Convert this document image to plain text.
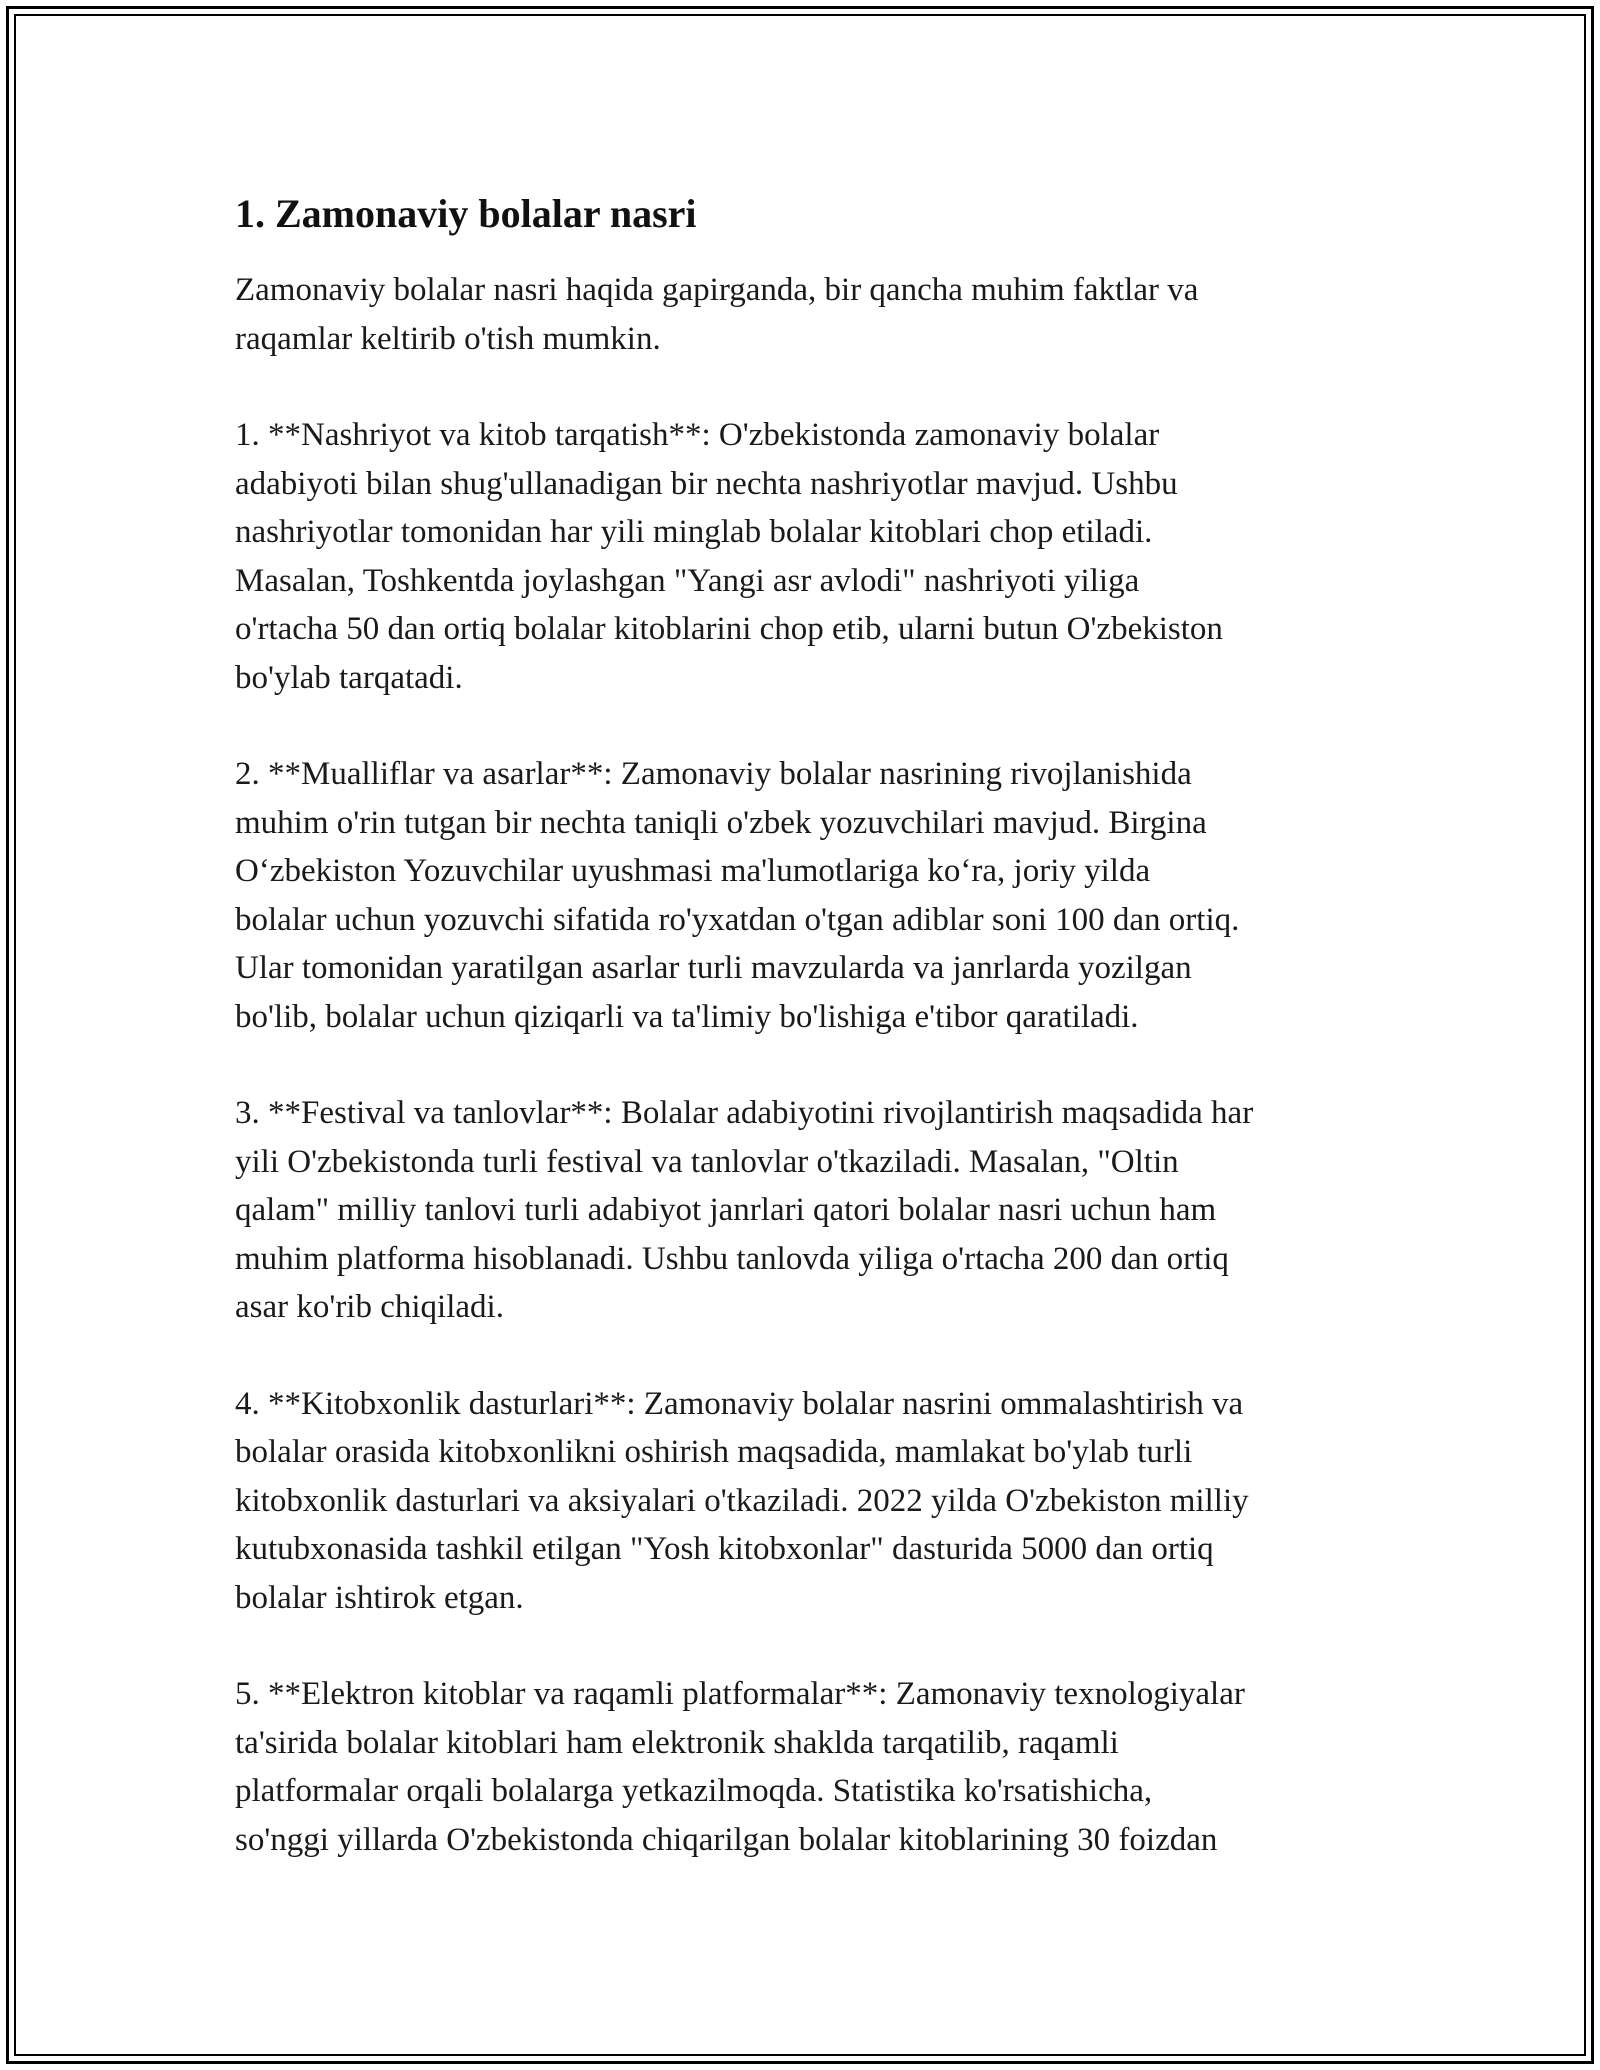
1. Zamonaviy bolalar nasri

Zamonaviy bolalar nasri haqida gapirganda, bir qancha muhim faktlar va
raqamlar keltirib o'tish mumkin.

1. **Nashriyot va kitob tarqatish**: O'zbekistonda zamonaviy bolalar
adabiyoti bilan shug'ullanadigan bir nechta nashriyotlar mavjud. Ushbu
nashriyotlar tomonidan har yili minglab bolalar kitoblari chop etiladi.
Masalan, Toshkentda joylashgan "Yangi asr avlodi" nashriyoti yiliga
o'rtacha 50 dan ortiq bolalar kitoblarini chop etib, ularni butun O'zbekiston
bo'ylab tarqatadi.

2. **Mualliflar va asarlar**: Zamonaviy bolalar nasrining rivojlanishida
muhim o'rin tutgan bir nechta taniqli o'zbek yozuvchilari mavjud. Birgina
O‘zbekiston Yozuvchilar uyushmasi ma'lumotlariga ko‘ra, joriy yilda
bolalar uchun yozuvchi sifatida ro'yxatdan o'tgan adiblar soni 100 dan ortiq.
Ular tomonidan yaratilgan asarlar turli mavzularda va janrlarda yozilgan
bo'lib, bolalar uchun qiziqarli va ta'limiy bo'lishiga e'tibor qaratiladi.

3. **Festival va tanlovlar**: Bolalar adabiyotini rivojlantirish maqsadida har
yili O'zbekistonda turli festival va tanlovlar o'tkaziladi. Masalan, "Oltin
qalam" milliy tanlovi turli adabiyot janrlari qatori bolalar nasri uchun ham
muhim platforma hisoblanadi. Ushbu tanlovda yiliga o'rtacha 200 dan ortiq
asar ko'rib chiqiladi.

4. **Kitobxonlik dasturlari**: Zamonaviy bolalar nasrini ommalashtirish va
bolalar orasida kitobxonlikni oshirish maqsadida, mamlakat bo'ylab turli
kitobxonlik dasturlari va aksiyalari o'tkaziladi. 2022 yilda O'zbekiston milliy
kutubxonasida tashkil etilgan "Yosh kitobxonlar" dasturida 5000 dan ortiq
bolalar ishtirok etgan.

5. **Elektron kitoblar va raqamli platformalar**: Zamonaviy texnologiyalar
ta'sirida bolalar kitoblari ham elektronik shaklda tarqatilib, raqamli
platformalar orqali bolalarga yetkazilmoqda. Statistika ko'rsatishicha,
so'nggi yillarda O'zbekistonda chiqarilgan bolalar kitoblarining 30 foizdan
